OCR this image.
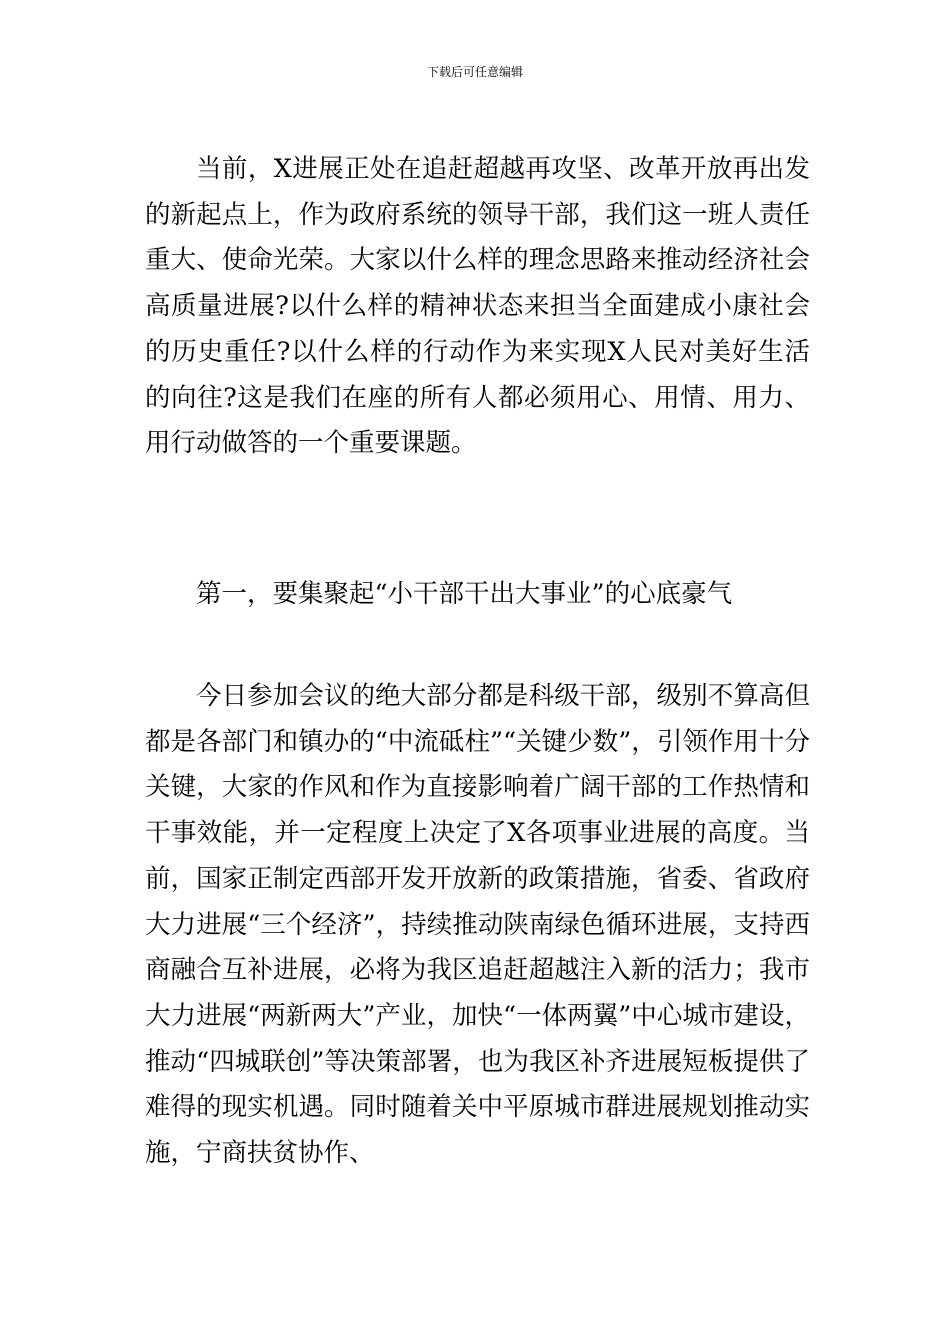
下载后可任意编辑

当前，X进展正处在追赶超越再攻坚、改革开放再出发的新起点上，作为政府系统的领导干部，我们这一班人责任重大、使命光荣。大家以什么样的理念思路来推动经济社会高质量进展?以什么样的精神状态来担当全面建成小康社会的历史重任?以什么样的行动作为来实现X人民对美好生活的向往?这是我们在座的所有人都必须用心、用情、用力、用行动做答的一个重要课题。

第一，要集聚起“小干部干出大事业”的心底豪气

今日参加会议的绝大部分都是科级干部，级别不算高但都是各部门和镇办的“中流砥柱”“关键少数”，引领作用十分关键，大家的作风和作为直接影响着广阔干部的工作热情和干事效能，并一定程度上决定了X各项事业进展的高度。当前，国家正制定西部开发开放新的政策措施，省委、省政府大力进展“三个经济”，持续推动陕南绿色循环进展，支持西商融合互补进展，必将为我区追赶超越注入新的活力；我市大力进展“两新两大”产业，加快“一体两翼”中心城市建设，推动“四城联创”等决策部署，也为我区补齐进展短板提供了难得的现实机遇。同时随着关中平原城市群进展规划推动实施，宁商扶贫协作、
